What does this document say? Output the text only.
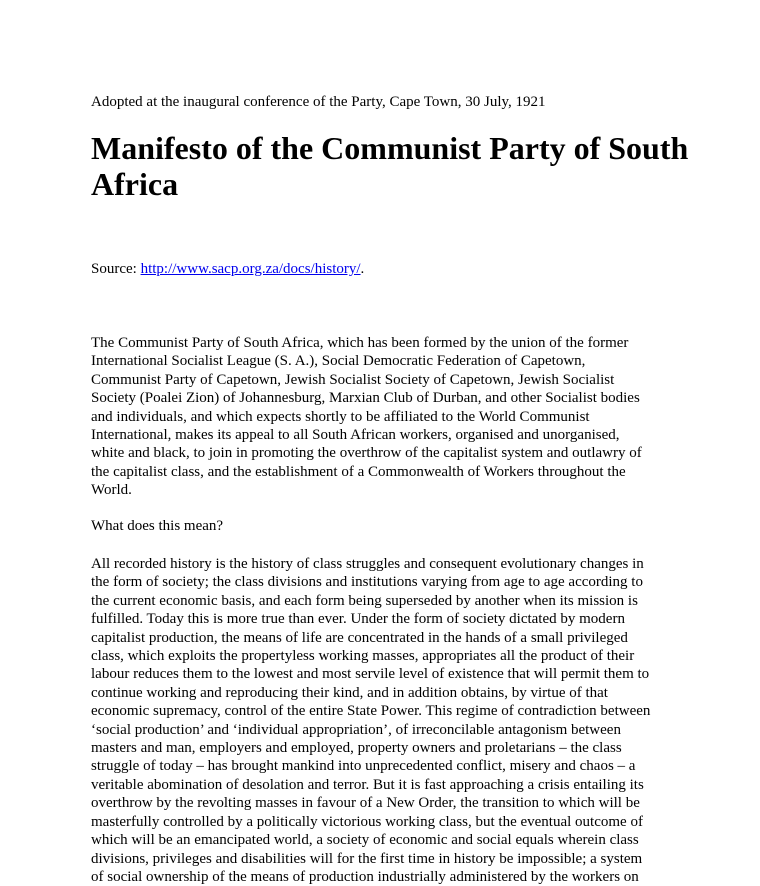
Adopted at the inaugural conference of the Party, Cape Town, 30 July, 1921
Manifesto of the Communist Party of South Africa
Source: http://www.sacp.org.za/docs/history/.
The Communist Party of South Africa, which has been formed by the union of the former
International Socialist League (S. A.), Social Democratic Federation of Capetown,
Communist Party of Capetown, Jewish Socialist Society of Capetown, Jewish Socialist
Society (Poalei Zion) of Johannesburg, Marxian Club of Durban, and other Socialist bodies
and individuals, and which expects shortly to be affiliated to the World Communist
International, makes its appeal to all South African workers, organised and unorganised,
white and black, to join in promoting the overthrow of the capitalist system and outlawry of
the capitalist class, and the establishment of a Commonwealth of Workers throughout the
World.
What does this mean?
All recorded history is the history of class struggles and consequent evolutionary changes in
the form of society; the class divisions and institutions varying from age to age according to
the current economic basis, and each form being superseded by another when its mission is
fulfilled. Today this is more true than ever. Under the form of society dictated by modern
capitalist production, the means of life are concentrated in the hands of a small privileged
class, which exploits the propertyless working masses, appropriates all the product of their
labour reduces them to the lowest and most servile level of existence that will permit them to
continue working and reproducing their kind, and in addition obtains, by virtue of that
economic supremacy, control of the entire State Power. This regime of contradiction between
‘social production’ and ‘individual appropriation’, of irreconcilable antagonism between
masters and man, employers and employed, property owners and proletarians – the class
struggle of today – has brought mankind into unprecedented conflict, misery and chaos – a
veritable abomination of desolation and terror. But it is fast approaching a crisis entailing its
overthrow by the revolting masses in favour of a New Order, the transition to which will be
masterfully controlled by a politically victorious working class, but the eventual outcome of
which will be an emancipated world, a society of economic and social equals wherein class
divisions, privileges and disabilities will for the first time in history be impossible; a system
of social ownership of the means of production industrially administered by the workers on
